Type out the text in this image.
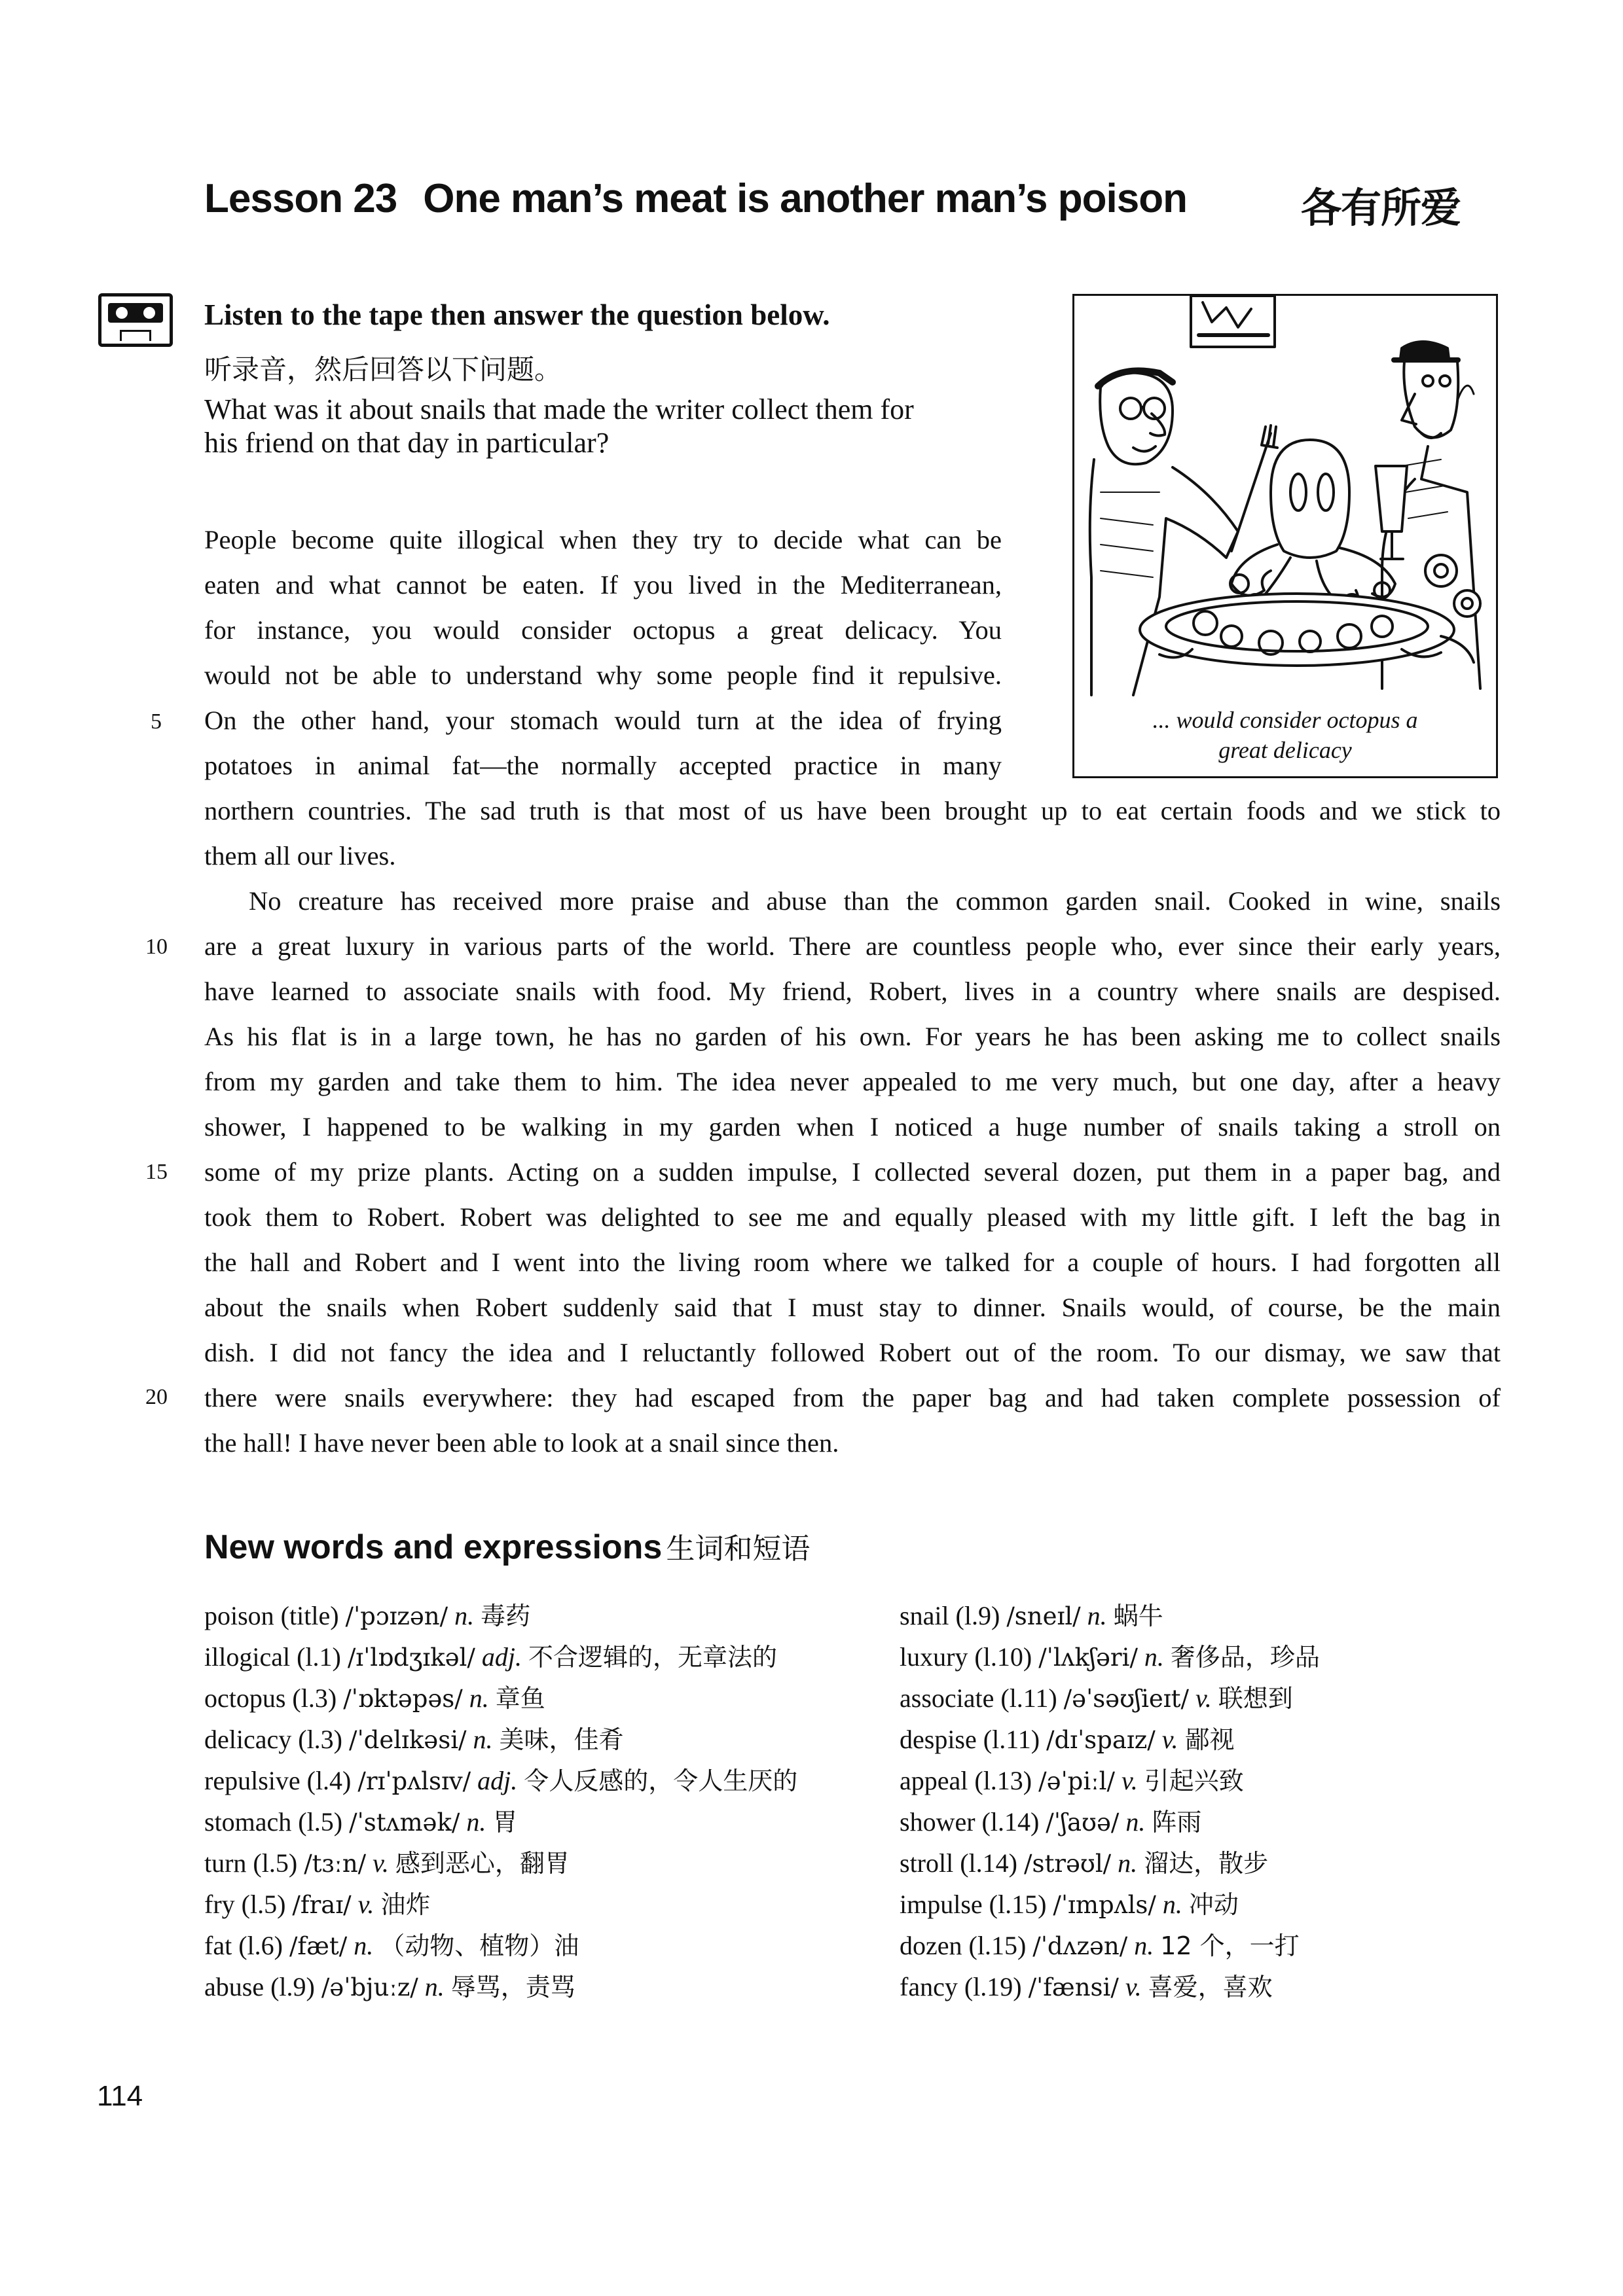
Lesson 23 One man’s meat is another man’s poison	各有所爱
Listen to the tape then answer the question below.
听录音，然后回答以下问题。
What was it about snails that made the writer collect them for
his friend on that day in particular?
... would consider octopus a
great delicacy
People become quite illogical when they try to decide what can be
eaten and what cannot be eaten. If you lived in the Mediterranean,
for instance, you would consider octopus a great delicacy. You
would not be able to understand why some people find it repulsive.
On the other hand, your stomach would turn at the idea of frying
potatoes in animal fat—the normally accepted practice in many
northern countries. The sad truth is that most of us have been brought up to eat certain foods and we stick to
them all our lives.
No creature has received more praise and abuse than the common garden snail. Cooked in wine, snails
are a great luxury in various parts of the world. There are countless people who, ever since their early years,
have learned to associate snails with food. My friend, Robert, lives in a country where snails are despised.
As his flat is in a large town, he has no garden of his own. For years he has been asking me to collect snails
from my garden and take them to him. The idea never appealed to me very much, but one day, after a heavy
shower, I happened to be walking in my garden when I noticed a huge number of snails taking a stroll on
some of my prize plants. Acting on a sudden impulse, I collected several dozen, put them in a paper bag, and
took them to Robert. Robert was delighted to see me and equally pleased with my little gift. I left the bag in
the hall and Robert and I went into the living room where we talked for a couple of hours. I had forgotten all
about the snails when Robert suddenly said that I must stay to dinner. Snails would, of course, be the main
dish. I did not fancy the idea and I reluctantly followed Robert out of the room. To our dismay, we saw that
there were snails everywhere: they had escaped from the paper bag and had taken complete possession of
the hall! I have never been able to look at a snail since then.
5
10
15
20
New words and expressions 生词和短语
poison (title) /ˈpɔɪzən/ n. 毒药
illogical (l.1) /ɪˈlɒdʒɪkəl/ adj. 不合逻辑的，无章法的
octopus (l.3) /ˈɒktəpəs/ n. 章鱼
delicacy (l.3) /ˈdelɪkəsi/ n. 美味，佳肴
repulsive (l.4) /rɪˈpʌlsɪv/ adj. 令人反感的，令人生厌的
stomach (l.5) /ˈstʌmək/ n. 胃
turn (l.5) /tɜːn/ v. 感到恶心，翻胃
fry (l.5) /fraɪ/ v. 油炸
fat (l.6) /fæt/ n. （动物、植物）油
abuse (l.9) /əˈbjuːz/ n. 辱骂，责骂
snail (l.9) /sneɪl/ n. 蜗牛
luxury (l.10) /ˈlʌkʃəri/ n. 奢侈品，珍品
associate (l.11) /əˈsəʊʃieɪt/ v. 联想到
despise (l.11) /dɪˈspaɪz/ v. 鄙视
appeal (l.13) /əˈpiːl/ v. 引起兴致
shower (l.14) /ˈʃaʊə/ n. 阵雨
stroll (l.14) /strəʊl/ n. 溜达，散步
impulse (l.15) /ˈɪmpʌls/ n. 冲动
dozen (l.15) /ˈdʌzən/ n. 12 个，一打
fancy (l.19) /ˈfænsi/ v. 喜爱，喜欢
114
